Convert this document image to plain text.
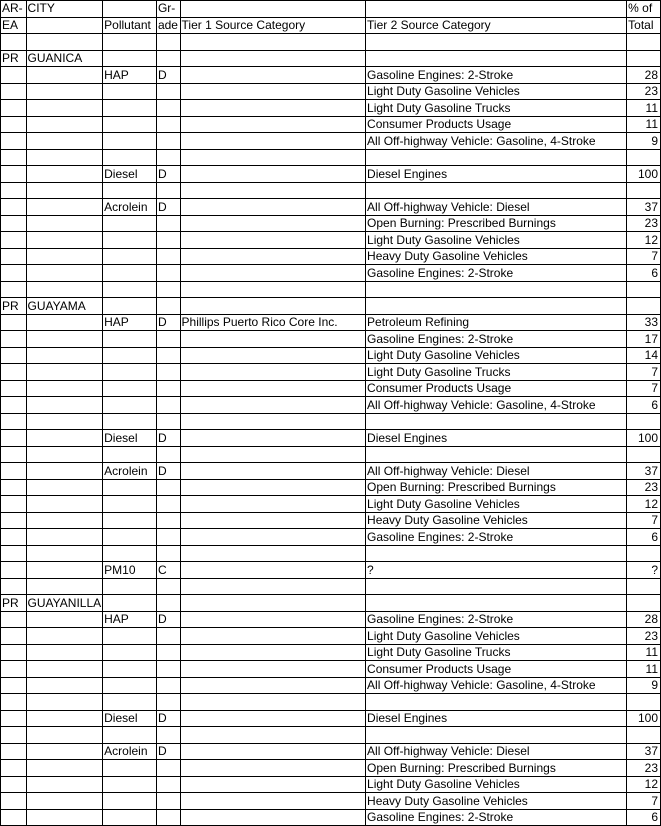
AR-	CITY		Gr-			% of
EA		Pollutant	ade	Tier 1 Source Category	Tier 2 Source Category	Total

PR	GUANICA					
		HAP	D		Gasoline Engines: 2-Stroke	28
					Light Duty Gasoline Vehicles	23
					Light Duty Gasoline Trucks	11
					Consumer Products Usage	11
					All Off-highway Vehicle: Gasoline, 4-Stroke	9

		Diesel	D		Diesel Engines	100

		Acrolein	D		All Off-highway Vehicle: Diesel	37
					Open Burning: Prescribed Burnings	23
					Light Duty Gasoline Vehicles	12
					Heavy Duty Gasoline Vehicles	7
					Gasoline Engines: 2-Stroke	6

PR	GUAYAMA					
		HAP	D	Phillips Puerto Rico Core Inc.	Petroleum Refining	33
					Gasoline Engines: 2-Stroke	17
					Light Duty Gasoline Vehicles	14
					Light Duty Gasoline Trucks	7
					Consumer Products Usage	7
					All Off-highway Vehicle: Gasoline, 4-Stroke	6

		Diesel	D		Diesel Engines	100

		Acrolein	D		All Off-highway Vehicle: Diesel	37
					Open Burning: Prescribed Burnings	23
					Light Duty Gasoline Vehicles	12
					Heavy Duty Gasoline Vehicles	7
					Gasoline Engines: 2-Stroke	6

		PM10	C		?	?

PR	GUAYANILLA					
		HAP	D		Gasoline Engines: 2-Stroke	28
					Light Duty Gasoline Vehicles	23
					Light Duty Gasoline Trucks	11
					Consumer Products Usage	11
					All Off-highway Vehicle: Gasoline, 4-Stroke	9

		Diesel	D		Diesel Engines	100

		Acrolein	D		All Off-highway Vehicle: Diesel	37
					Open Burning: Prescribed Burnings	23
					Light Duty Gasoline Vehicles	12
					Heavy Duty Gasoline Vehicles	7
					Gasoline Engines: 2-Stroke	6
